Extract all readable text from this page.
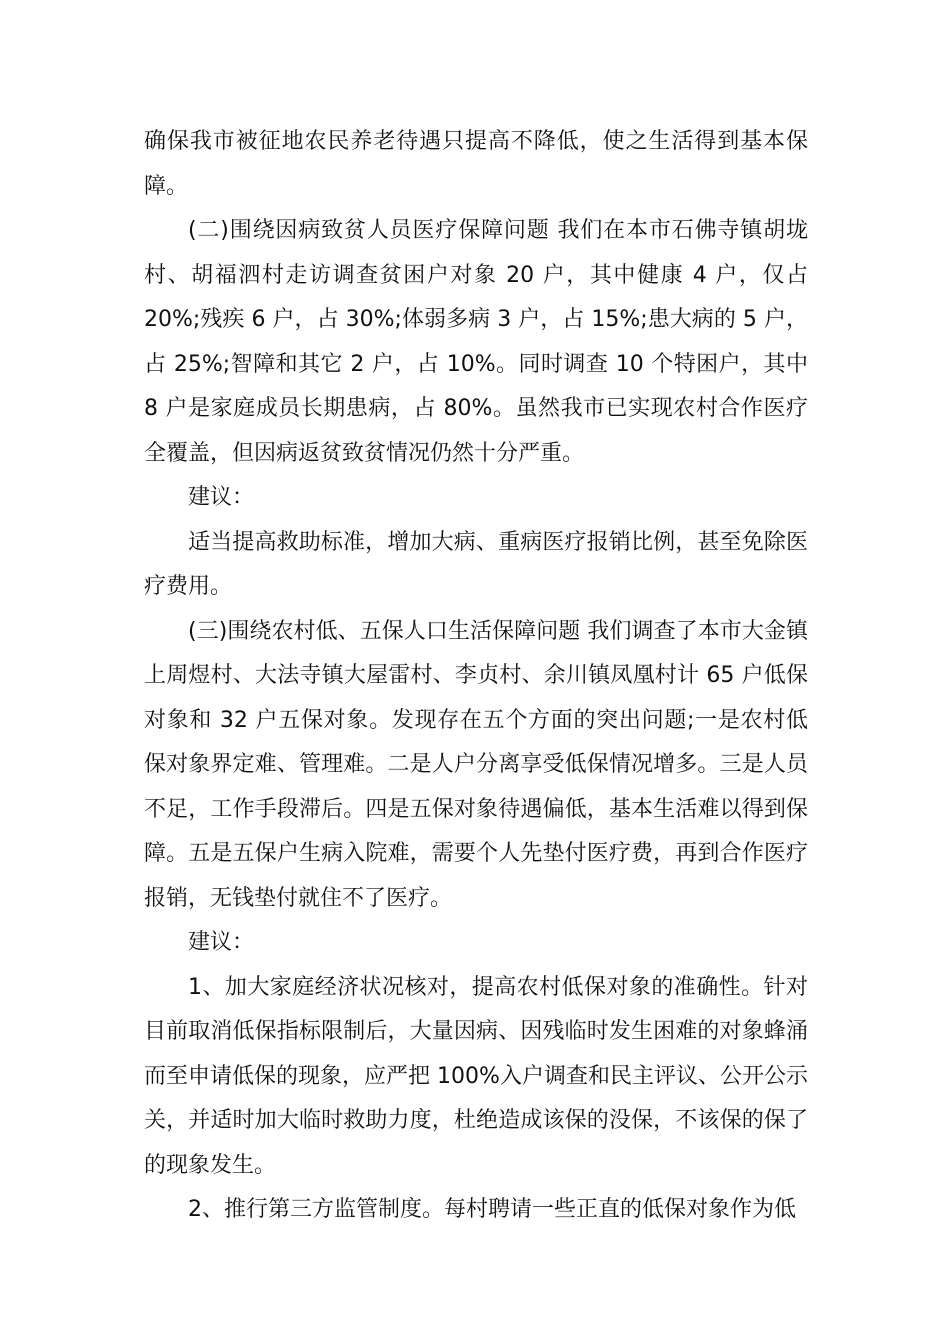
确保我市被征地农民养老待遇只提高不降低，使之生活得到基本保障。

(二)围绕因病致贫人员医疗保障问题 我们在本市石佛寺镇胡垅村、胡福泗村走访调查贫困户对象 20 户，其中健康 4 户，仅占 20%;残疾 6 户，占 30%;体弱多病 3 户，占 15%;患大病的 5 户，占 25%;智障和其它 2 户，占 10%。同时调查 10 个特困户，其中 8 户是家庭成员长期患病，占 80%。虽然我市已实现农村合作医疗全覆盖，但因病返贫致贫情况仍然十分严重。

建议：

适当提高救助标准，增加大病、重病医疗报销比例，甚至免除医疗费用。

(三)围绕农村低、五保人口生活保障问题 我们调查了本市大金镇上周煜村、大法寺镇大屋雷村、李贞村、余川镇凤凰村计 65 户低保对象和 32 户五保对象。发现存在五个方面的突出问题;一是农村低保对象界定难、管理难。二是人户分离享受低保情况增多。三是人员不足，工作手段滞后。四是五保对象待遇偏低，基本生活难以得到保障。五是五保户生病入院难，需要个人先垫付医疗费，再到合作医疗报销，无钱垫付就住不了医疗。

建议：

1、加大家庭经济状况核对，提高农村低保对象的准确性。针对目前取消低保指标限制后，大量因病、因残临时发生困难的对象蜂涌而至申请低保的现象，应严把 100%入户调查和民主评议、公开公示关，并适时加大临时救助力度，杜绝造成该保的没保，不该保的保了的现象发生。

2、推行第三方监管制度。每村聘请一些正直的低保对象作为低
